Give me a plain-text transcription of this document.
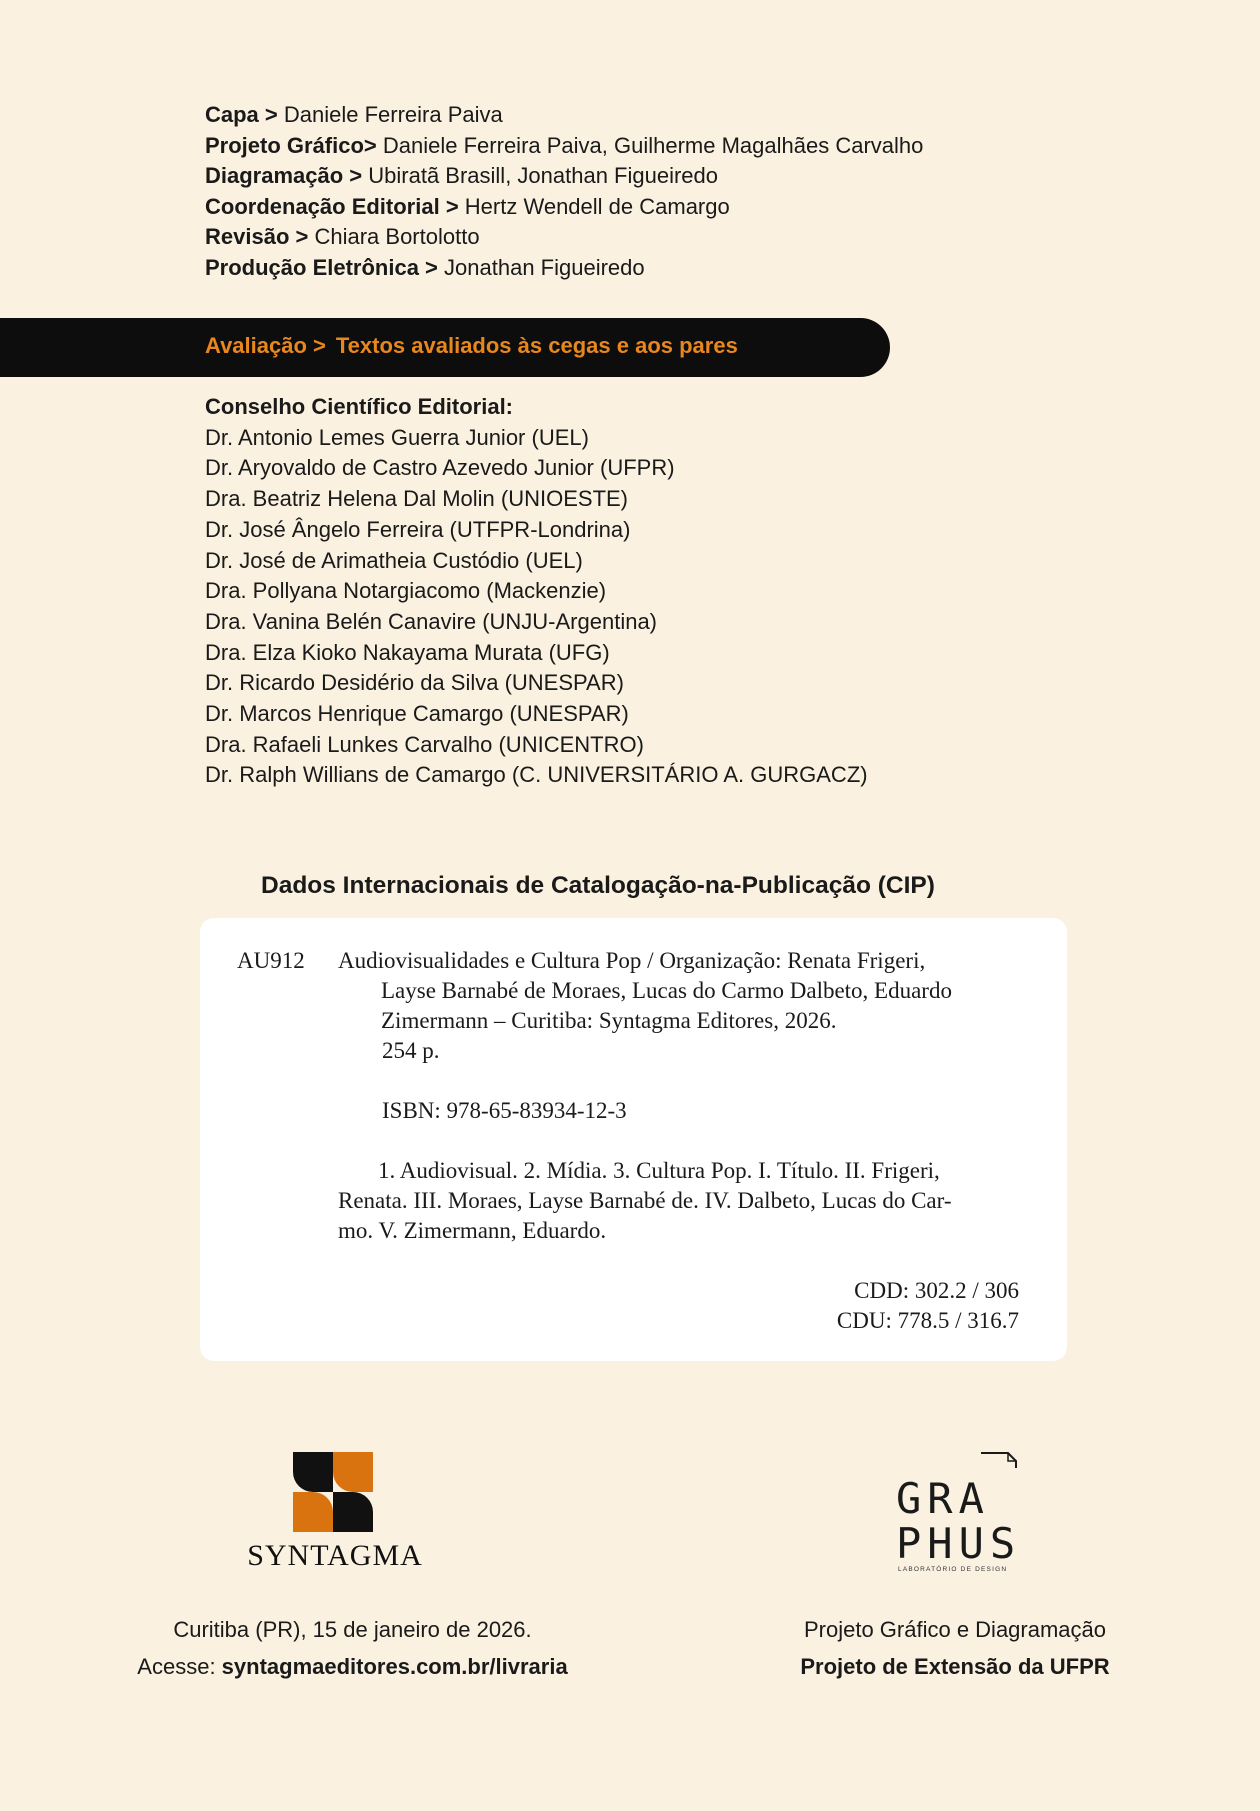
Capa > Daniele Ferreira Paiva
Projeto Gráfico> Daniele Ferreira Paiva, Guilherme Magalhães Carvalho
Diagramação > Ubiratã Brasill, Jonathan Figueiredo
Coordenação Editorial > Hertz Wendell de Camargo
Revisão > Chiara Bortolotto
Produção Eletrônica > Jonathan Figueiredo
Avaliação > Textos avaliados às cegas e aos pares
Conselho Científico Editorial:
Dr. Antonio Lemes Guerra Junior (UEL)
Dr. Aryovaldo de Castro Azevedo Junior (UFPR)
Dra. Beatriz Helena Dal Molin (UNIOESTE)
Dr. José Ângelo Ferreira (UTFPR-Londrina)
Dr. José de Arimatheia Custódio (UEL)
Dra. Pollyana Notargiacomo (Mackenzie)
Dra. Vanina Belén Canavire (UNJU-Argentina)
Dra. Elza Kioko Nakayama Murata (UFG)
Dr. Ricardo Desidério da Silva (UNESPAR)
Dr. Marcos Henrique Camargo (UNESPAR)
Dra. Rafaeli Lunkes Carvalho (UNICENTRO)
Dr. Ralph Willians de Camargo (C. UNIVERSITÁRIO A. GURGACZ)
Dados Internacionais de Catalogação-na-Publicação (CIP)
AU912 Audiovisualidades e Cultura Pop / Organização: Renata Frigeri,
Layse Barnabé de Moraes, Lucas do Carmo Dalbeto, Eduardo
Zimermann – Curitiba: Syntagma Editores, 2026.
254 p.
ISBN: 978-65-83934-12-3
1. Audiovisual. 2. Mídia. 3. Cultura Pop. I. Título. II. Frigeri,
Renata. III. Moraes, Layse Barnabé de. IV. Dalbeto, Lucas do Car-
mo. V. Zimermann, Eduardo.
CDD: 302.2 / 306
CDU: 778.5 / 316.7
SYNTAGMA
GRA
PHUS
LABORATÓRIO DE DESIGN
Curitiba (PR), 15 de janeiro de 2026.
Acesse: syntagmaeditores.com.br/livraria
Projeto Gráfico e Diagramação
Projeto de Extensão da UFPR
